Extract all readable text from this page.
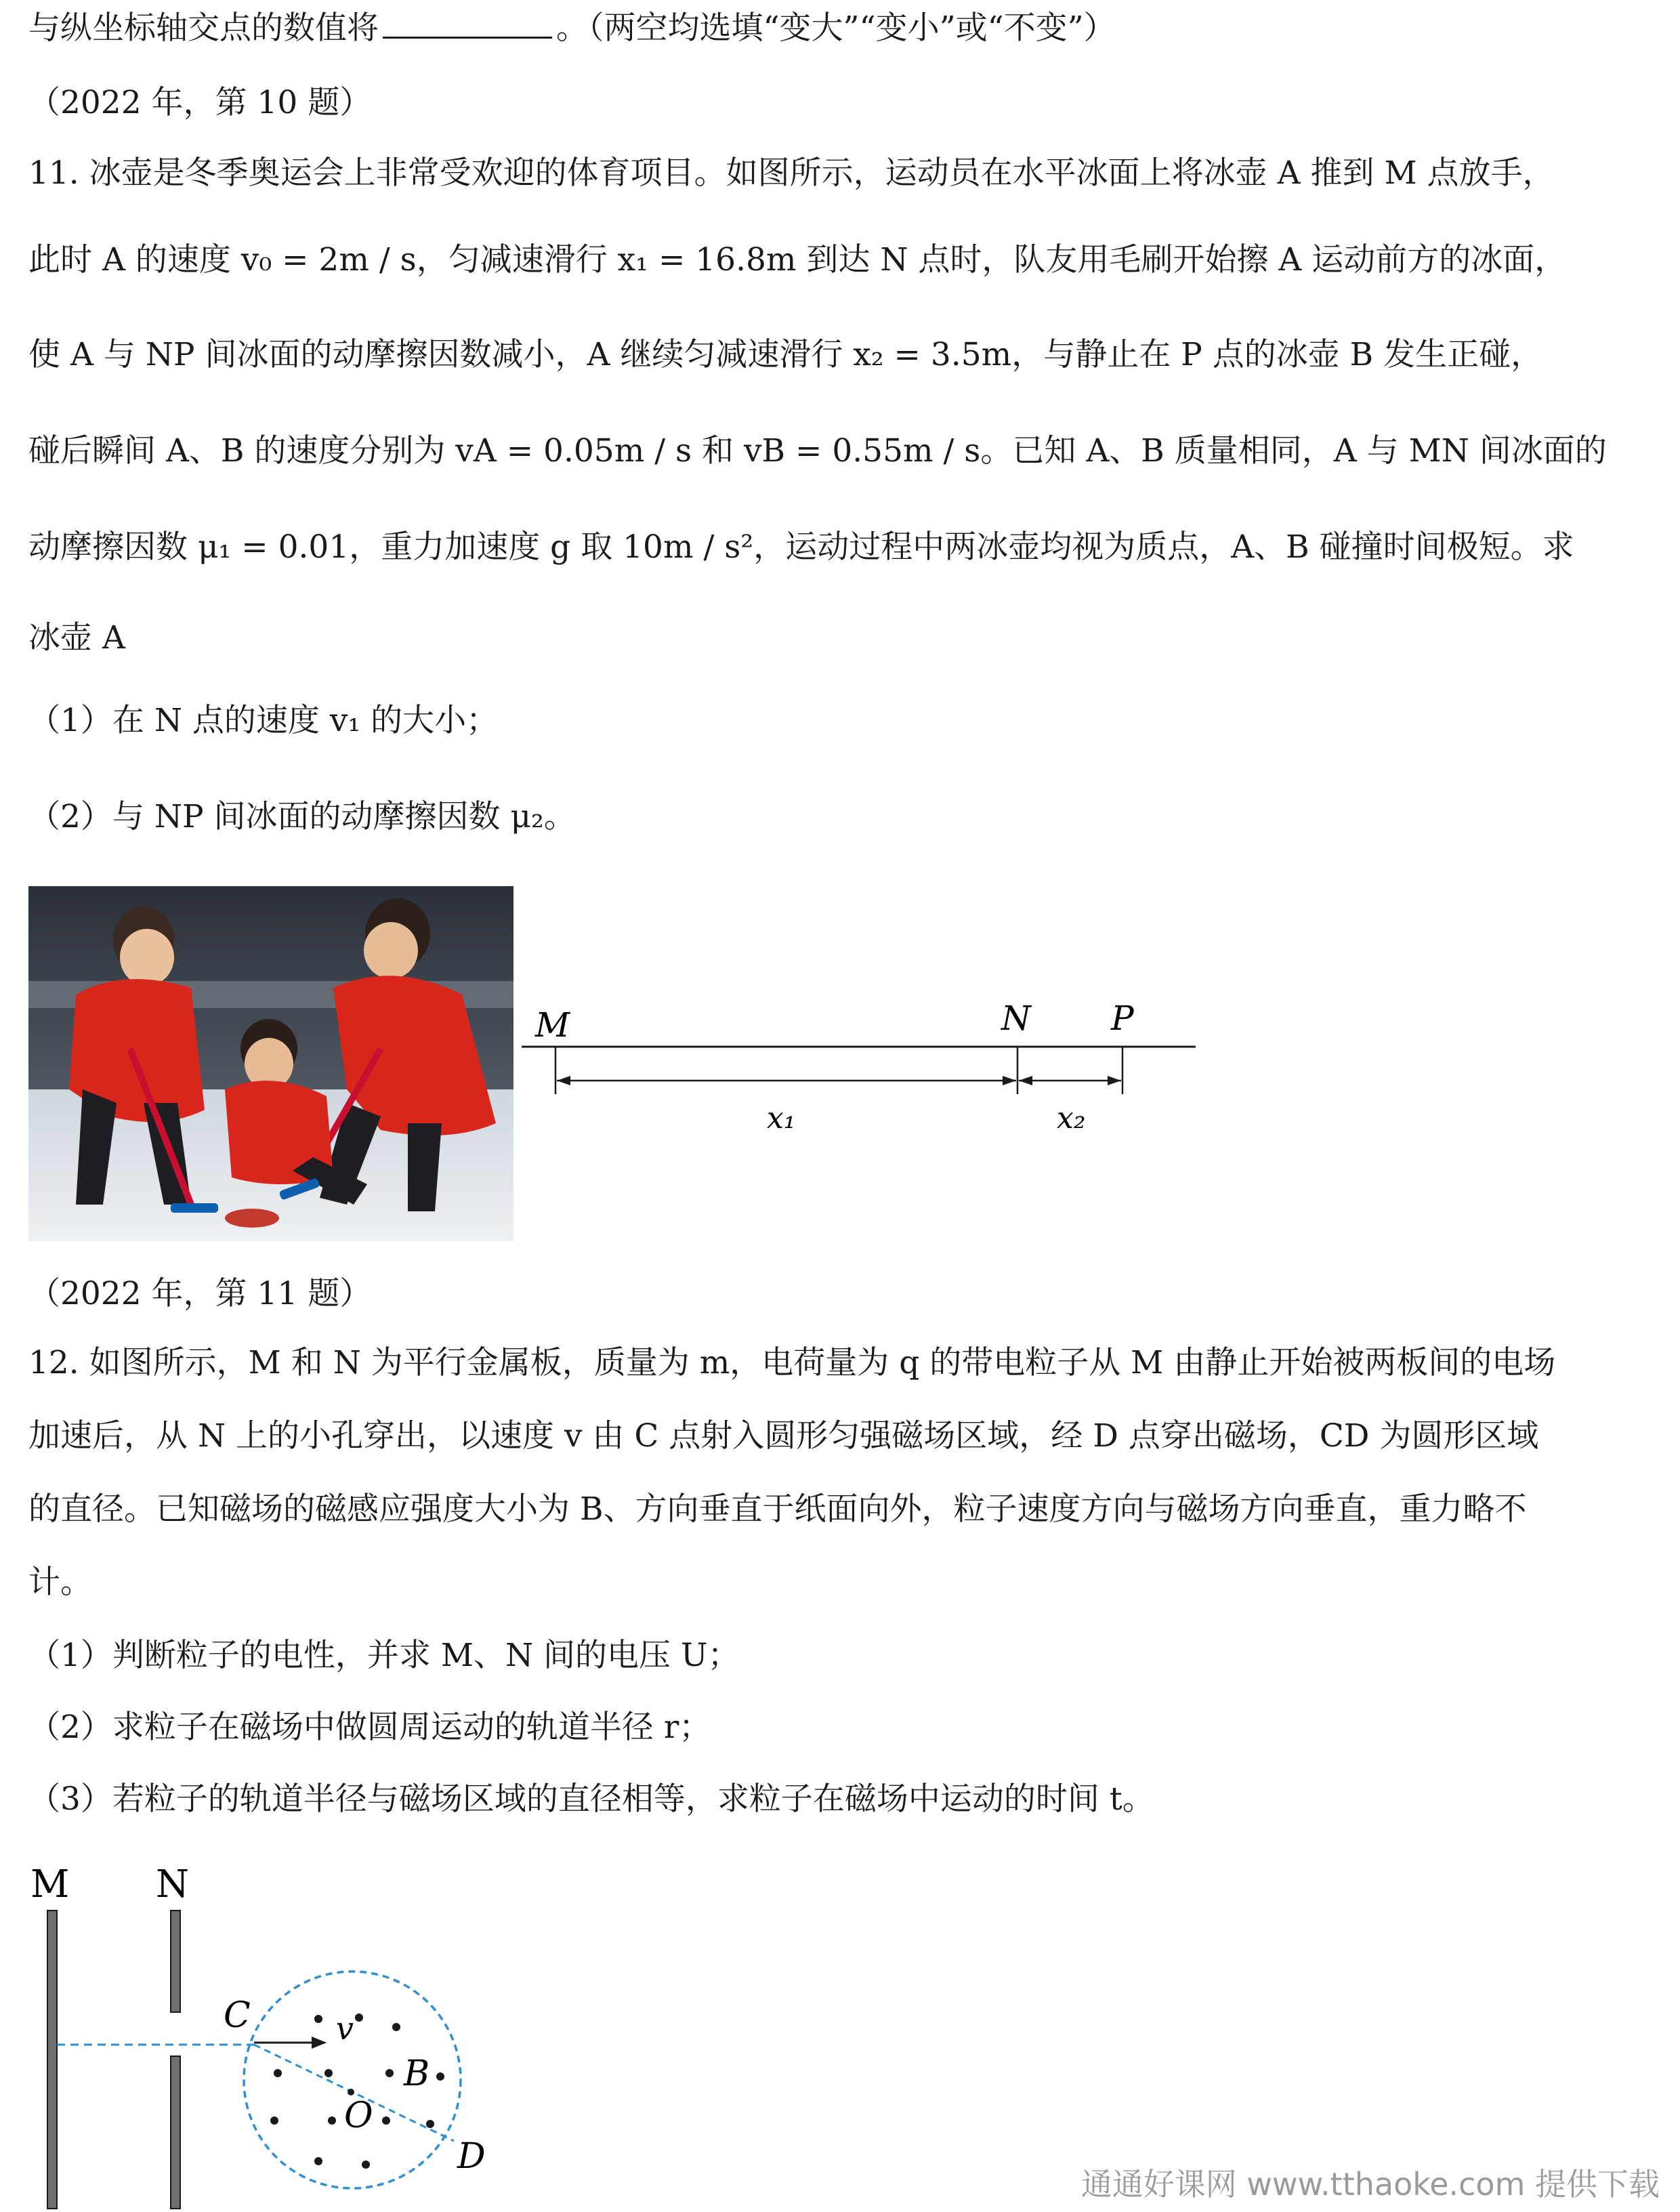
与纵坐标轴交点的数值将	。（两空均选填“变大”“变小”或“不变”）
（2022 年，第 10 题）
11. 冰壶是冬季奥运会上非常受欢迎的体育项目。如图所示，运动员在水平冰面上将冰壶 A 推到 M 点放手，
此时 A 的速度 v₀ = 2m / s，匀减速滑行 x₁ = 16.8m 到达 N 点时，队友用毛刷开始擦 A 运动前方的冰面，
使 A 与 NP 间冰面的动摩擦因数减小，A 继续匀减速滑行 x₂ = 3.5m，与静止在 P 点的冰壶 B 发生正碰，
碰后瞬间 A、B 的速度分别为 vA = 0.05m / s 和 vB = 0.55m / s。已知 A、B 质量相同，A 与 MN 间冰面的
动摩擦因数 μ₁ = 0.01，重力加速度 g 取 10m / s²，运动过程中两冰壶均视为质点，A、B 碰撞时间极短。求
冰壶 A
（1）在 N 点的速度 v₁ 的大小；
（2）与 NP 间冰面的动摩擦因数 μ₂。
M	N P
x₁	x₂
（2022 年，第 11 题）
12. 如图所示，M 和 N 为平行金属板，质量为 m，电荷量为 q 的带电粒子从 M 由静止开始被两板间的电场
加速后，从 N 上的小孔穿出，以速度 v 由 C 点射入圆形匀强磁场区域，经 D 点穿出磁场，CD 为圆形区域
的直径。已知磁场的磁感应强度大小为 B、方向垂直于纸面向外，粒子速度方向与磁场方向垂直，重力略不
计。
（1）判断粒子的电性，并求 M、N 间的电压 U；
（2）求粒子在磁场中做圆周运动的轨道半径 r；
（3）若粒子的轨道半径与磁场区域的直径相等，求粒子在磁场中运动的时间 t。
M N
C	v
B
O
D
通通好课网 www.tthaoke.com 提供下载
